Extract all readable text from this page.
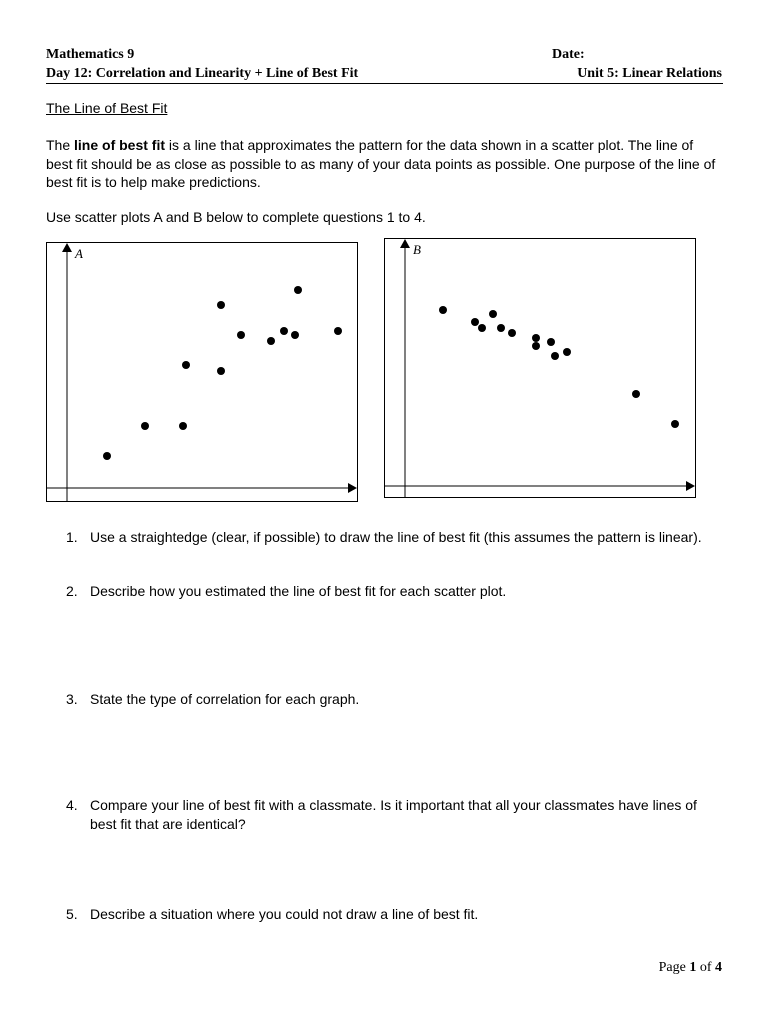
Mathematics 9	Date:
Day 12: Correlation and Linearity + Line of Best Fit	Unit 5: Linear Relations
The Line of Best Fit
The line of best fit is a line that approximates the pattern for the data shown in a scatter plot. The line of best fit should be as close as possible to as many of your data points as possible. One purpose of the line of best fit is to help make predictions.
Use scatter plots A and B below to complete questions 1 to 4.
A	B
1. Use a straightedge (clear, if possible) to draw the line of best fit (this assumes the pattern is linear).
2. Describe how you estimated the line of best fit for each scatter plot.
3. State the type of correlation for each graph.
4. Compare your line of best fit with a classmate. Is it important that all your classmates have lines of best fit that are identical?
5. Describe a situation where you could not draw a line of best fit.
Page 1 of 4
